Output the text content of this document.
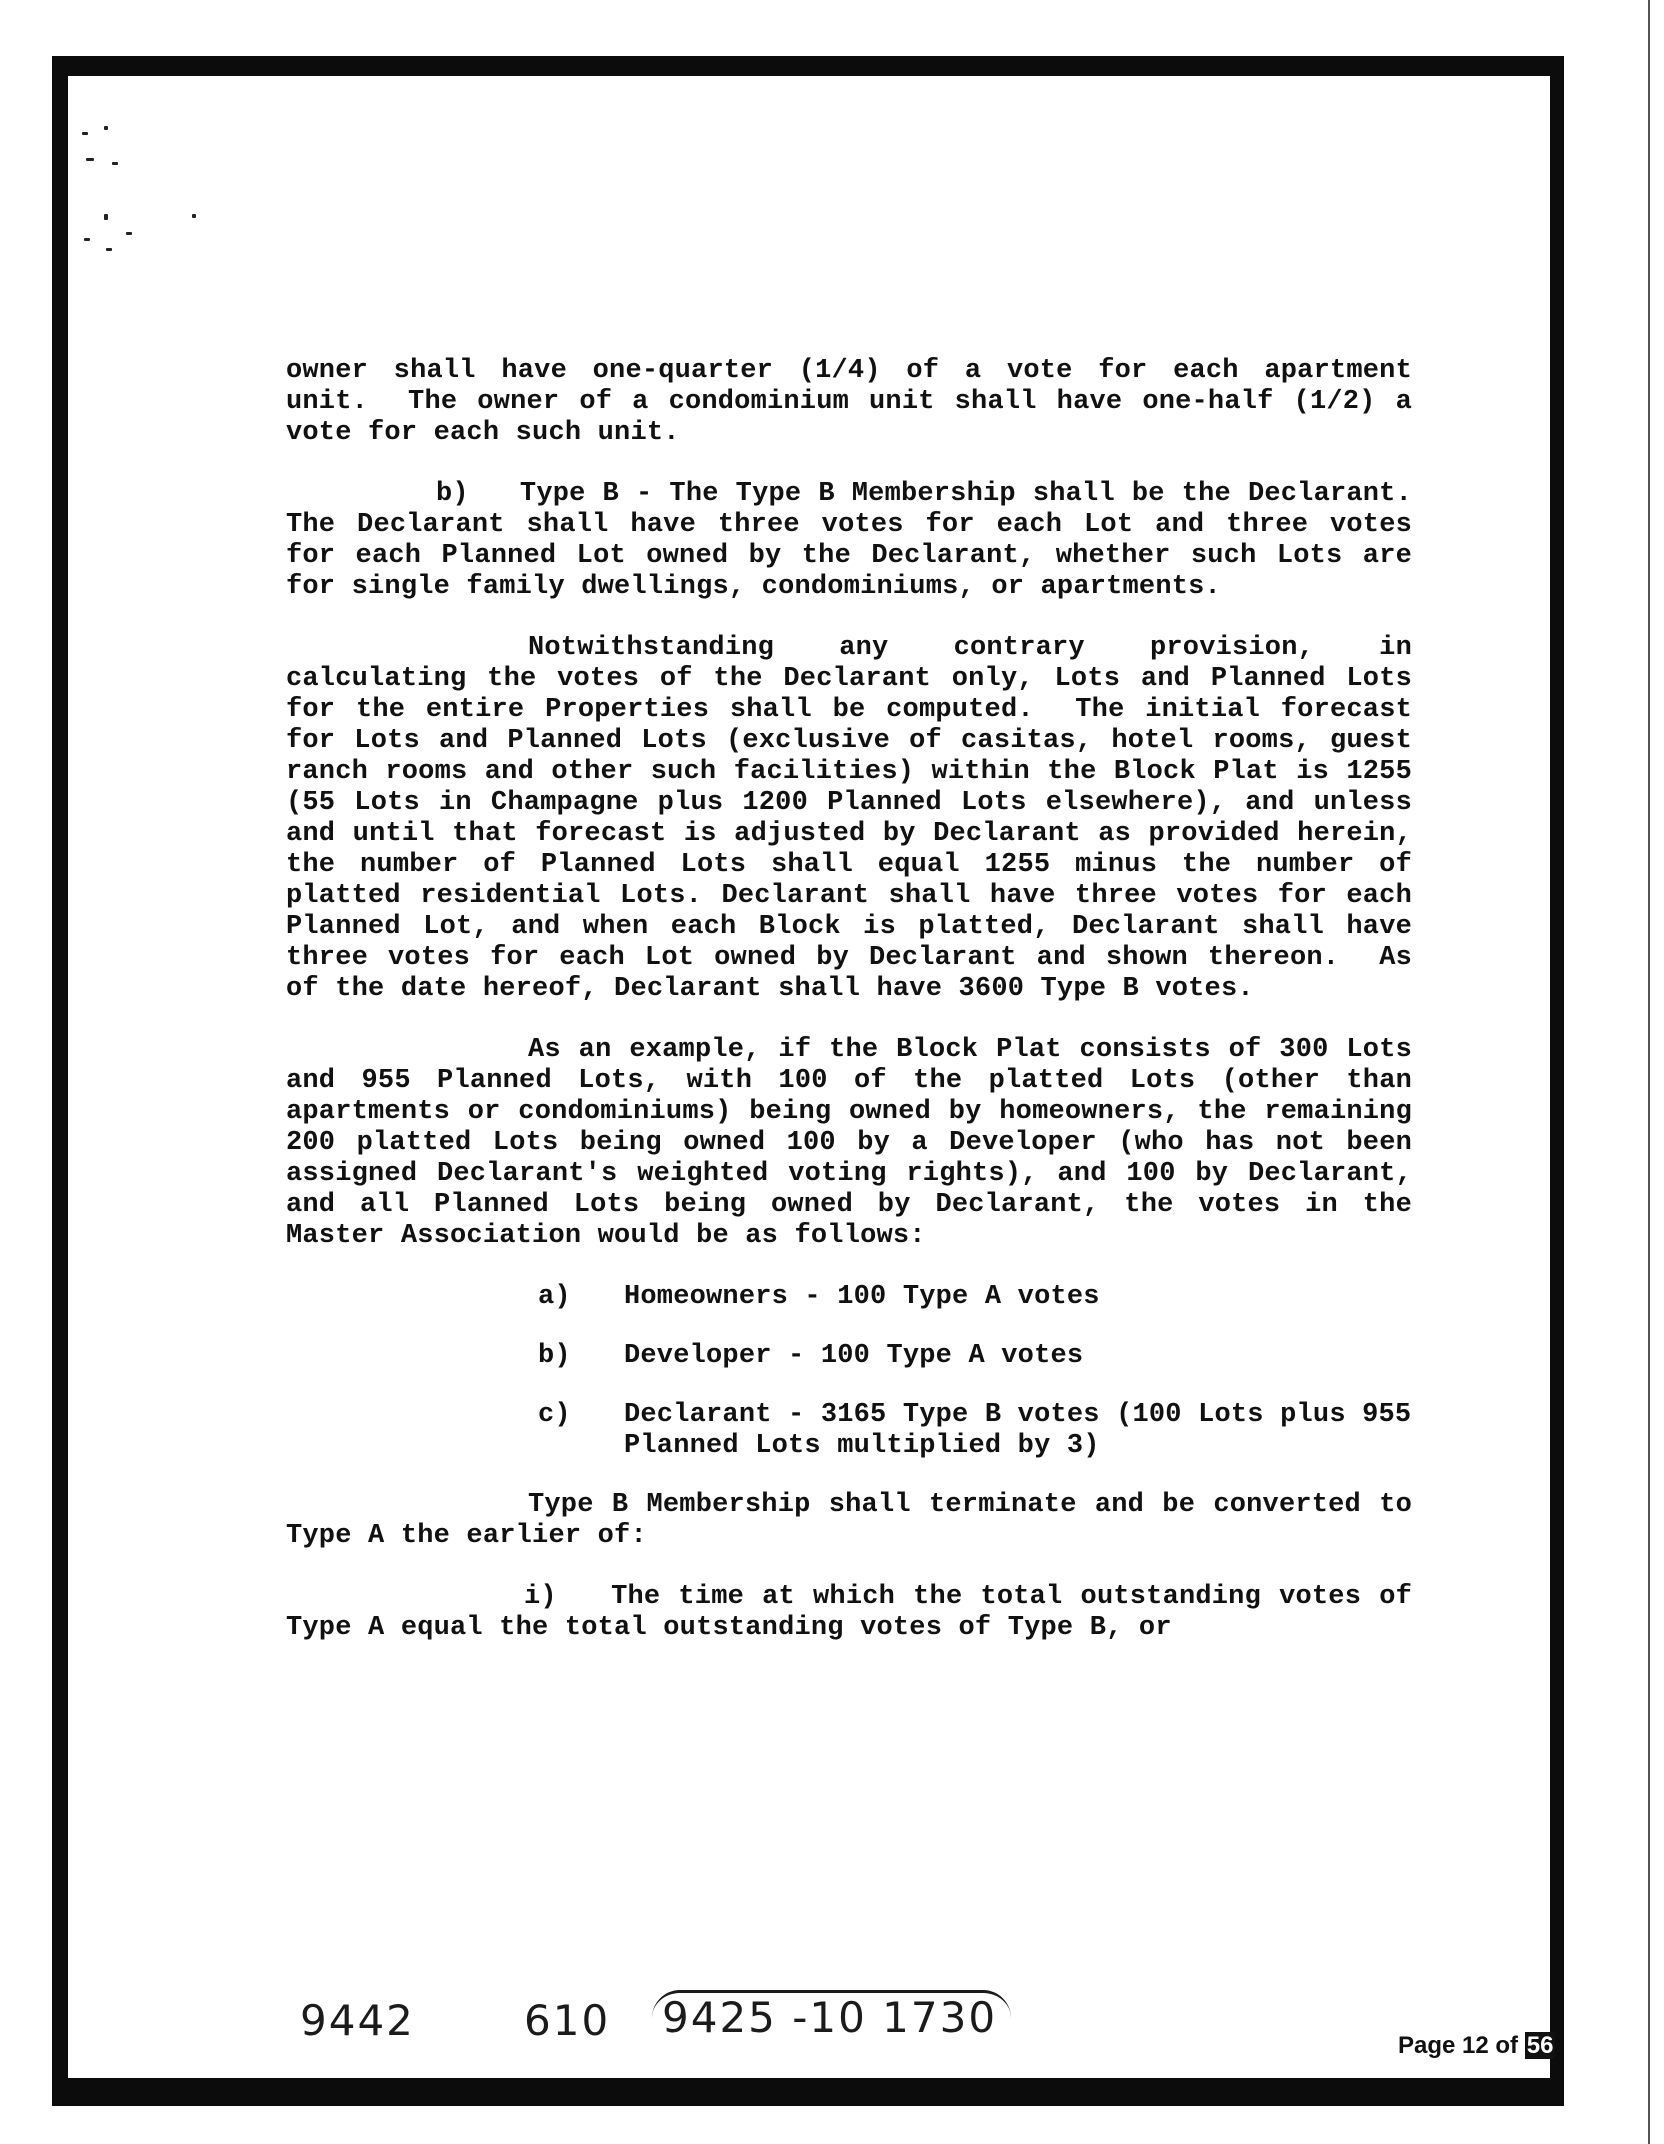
owner shall have one-quarter (1/4) of a vote for each apartment unit.  The owner of a condominium unit shall have one-half (1/2) a vote for each such unit.

b)   Type B - The Type B Membership shall be the Declarant.  The Declarant shall have three votes for each Lot and three votes for each Planned Lot owned by the Declarant, whether such Lots are for single family dwellings, condominiums, or apartments.

Notwithstanding any contrary provision, in calculating the votes of the Declarant only, Lots and Planned Lots for the entire Properties shall be computed.  The initial forecast for Lots and Planned Lots (exclusive of casitas, hotel rooms, guest ranch rooms and other such facilities) within the Block Plat is 1255 (55 Lots in Champagne plus 1200 Planned Lots elsewhere), and unless and until that forecast is adjusted by Declarant as provided herein, the number of Planned Lots shall equal 1255 minus the number of platted residential Lots. Declarant shall have three votes for each Planned Lot, and when each Block is platted, Declarant shall have three votes for each Lot owned by Declarant and shown thereon.  As of the date hereof, Declarant shall have 3600 Type B votes.

As an example, if the Block Plat consists of 300 Lots and 955 Planned Lots, with 100 of the platted Lots (other than apartments or condominiums) being owned by homeowners, the remaining 200 platted Lots being owned 100 by a Developer (who has not been assigned Declarant's weighted voting rights), and 100 by Declarant, and all Planned Lots being owned by Declarant, the votes in the Master Association would be as follows:

a)	Homeowners - 100 Type A votes
b)	Developer - 100 Type A votes
c)	Declarant - 3165 Type B votes (100 Lots plus 955 Planned Lots multiplied by 3)

Type B Membership shall terminate and be converted to Type A the earlier of:

i)   The time at which the total outstanding votes of Type A equal the total outstanding votes of Type B, or

9442	610 9425 -10 1730
Page 12 of 56
